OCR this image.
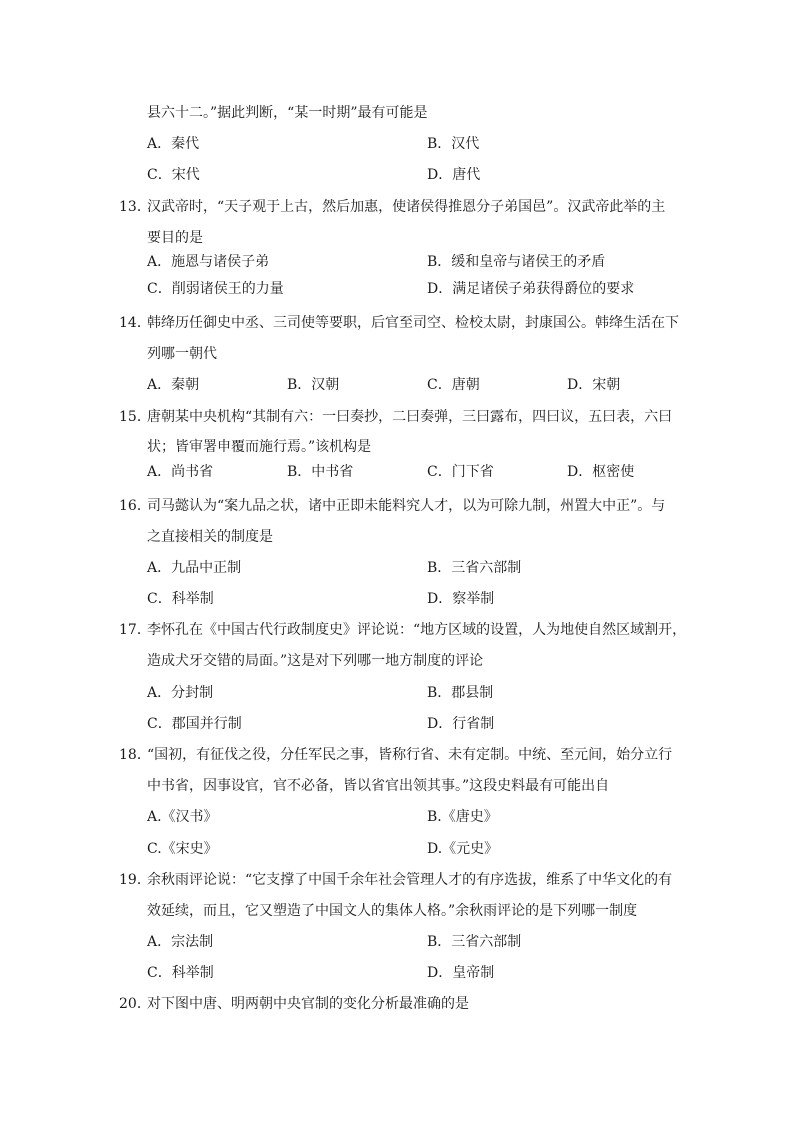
县六十二。”据此判断，“某一时期”最有可能是
A．秦代	B．汉代
C．宋代	D．唐代
13．
汉武帝时，“天子观于上古，然后加惠，使诸侯得推恩分子弟国邑”。汉武帝此举的主
要目的是
A．施恩与诸侯子弟	B．缓和皇帝与诸侯王的矛盾
C．削弱诸侯王的力量	D．满足诸侯子弟获得爵位的要求
14．
韩绛历任御史中丞、三司使等要职，后官至司空、检校太尉，封康国公。韩绛生活在下
列哪一朝代
A．秦朝	B．汉朝	C．唐朝	D．宋朝
15．
唐朝某中央机构“其制有六：一曰奏抄，二曰奏弹，三曰露布，四曰议，五曰表，六曰
状；皆审署申覆而施行焉。”该机构是
A．尚书省	B．中书省	C．门下省	D．枢密使
16．
司马懿认为“案九品之状，诸中正即未能料究人才，以为可除九制，州置大中正”。与
之直接相关的制度是
A．九品中正制	B．三省六部制
C．科举制	D．察举制
17．
李怀孔在《中国古代行政制度史》评论说：“地方区域的设置，人为地使自然区域割开，
造成犬牙交错的局面。”这是对下列哪一地方制度的评论
A．分封制	B．郡县制
C．郡国并行制	D．行省制
18．
“国初，有征伐之役，分任军民之事，皆称行省、未有定制。中统、至元间，始分立行
中书省，因事设官，官不必备，皆以省官出领其事。”这段史料最有可能出自
A.《汉书》	B.《唐史》
C.《宋史》	D.《元史》
19．
余秋雨评论说：“它支撑了中国千余年社会管理人才的有序选拔，维系了中华文化的有
效延续，而且，它又塑造了中国文人的集体人格。”余秋雨评论的是下列哪一制度
A．宗法制	B．三省六部制
C．科举制	D．皇帝制
20．
对下图中唐、明两朝中央官制的变化分析最准确的是
